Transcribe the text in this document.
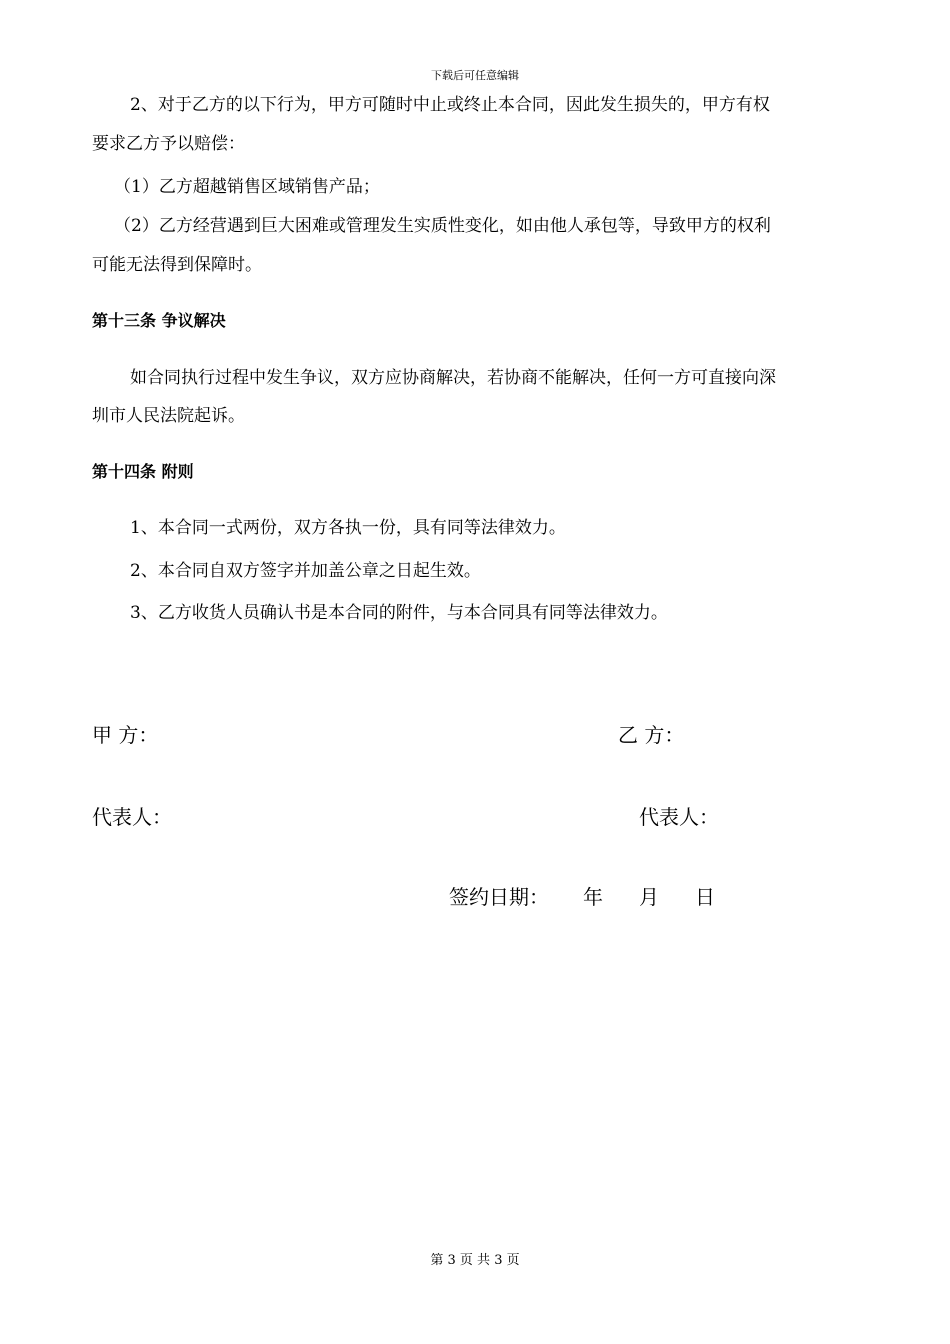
下载后可任意编辑
2、对于乙方的以下行为，甲方可随时中止或终止本合同，因此发生损失的，甲方有权
要求乙方予以赔偿：
（1）乙方超越销售区域销售产品；
（2）乙方经营遇到巨大困难或管理发生实质性变化，如由他人承包等，导致甲方的权利
可能无法得到保障时。
第十三条 争议解决
如合同执行过程中发生争议，双方应协商解决，若协商不能解决，任何一方可直接向深
圳市人民法院起诉。
第十四条 附则
1、本合同一式两份，双方各执一份，具有同等法律效力。
2、本合同自双方签字并加盖公章之日起生效。
3、乙方收货人员确认书是本合同的附件，与本合同具有同等法律效力。
甲 方：	乙 方：
代表人：	代表人：
签约日期： 年 月 日
第 3 页 共 3 页
